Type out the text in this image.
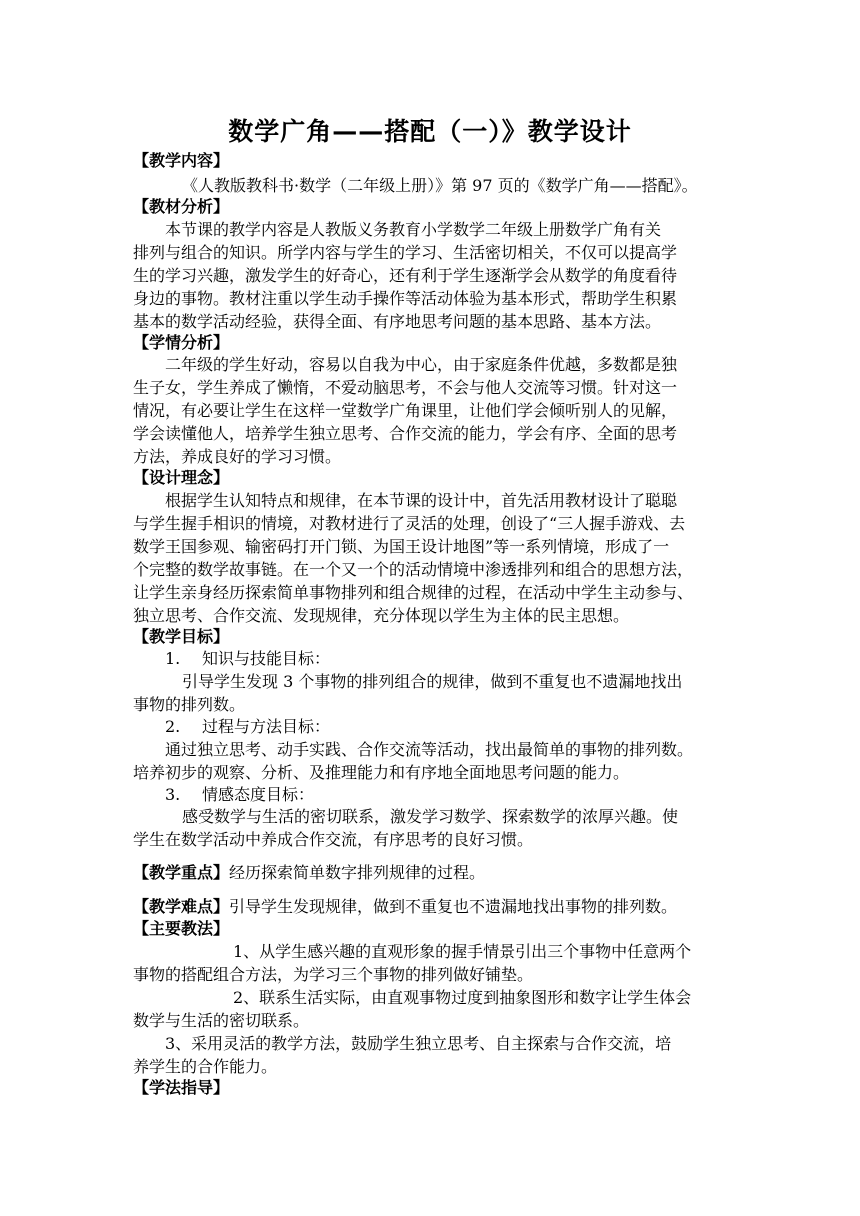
数学广角——搭配（一）》教学设计
【教学内容】
《人教版教科书·数学（二年级上册）》第 97 页的《数学广角——搭配》。
【教材分析】
本节课的教学内容是人教版义务教育小学数学二年级上册数学广角有关
排列与组合的知识。所学内容与学生的学习、生活密切相关，不仅可以提高学
生的学习兴趣，激发学生的好奇心，还有利于学生逐渐学会从数学的角度看待
身边的事物。教材注重以学生动手操作等活动体验为基本形式，帮助学生积累
基本的数学活动经验，获得全面、有序地思考问题的基本思路、基本方法。
【学情分析】
二年级的学生好动，容易以自我为中心，由于家庭条件优越，多数都是独
生子女，学生养成了懒惰，不爱动脑思考，不会与他人交流等习惯。针对这一
情况，有必要让学生在这样一堂数学广角课里，让他们学会倾听别人的见解，
学会读懂他人，培养学生独立思考、合作交流的能力，学会有序、全面的思考
方法，养成良好的学习习惯。
【设计理念】
根据学生认知特点和规律，在本节课的设计中，首先活用教材设计了聪聪
与学生握手相识的情境，对教材进行了灵活的处理，创设了“三人握手游戏、去
数学王国参观、输密码打开门锁、为国王设计地图”等一系列情境，形成了一
个完整的数学故事链。在一个又一个的活动情境中渗透排列和组合的思想方法，
让学生亲身经历探索简单事物排列和组合规律的过程，在活动中学生主动参与、
独立思考、合作交流、发现规律，充分体现以学生为主体的民主思想。
【教学目标】
1. 知识与技能目标：
引导学生发现 3 个事物的排列组合的规律，做到不重复也不遗漏地找出
事物的排列数。
2. 过程与方法目标：
通过独立思考、动手实践、合作交流等活动，找出最简单的事物的排列数。
培养初步的观察、分析、及推理能力和有序地全面地思考问题的能力。
3. 情感态度目标：
感受数学与生活的密切联系，激发学习数学、探索数学的浓厚兴趣。使
学生在数学活动中养成合作交流，有序思考的良好习惯。
【教学重点】经历探索简单数字排列规律的过程。
【教学难点】引导学生发现规律，做到不重复也不遗漏地找出事物的排列数。
【主要教法】
1、从学生感兴趣的直观形象的握手情景引出三个事物中任意两个
事物的搭配组合方法，为学习三个事物的排列做好铺垫。
2、联系生活实际，由直观事物过度到抽象图形和数字让学生体会
数学与生活的密切联系。
3、采用灵活的教学方法，鼓励学生独立思考、自主探索与合作交流，培
养学生的合作能力。
【学法指导】
